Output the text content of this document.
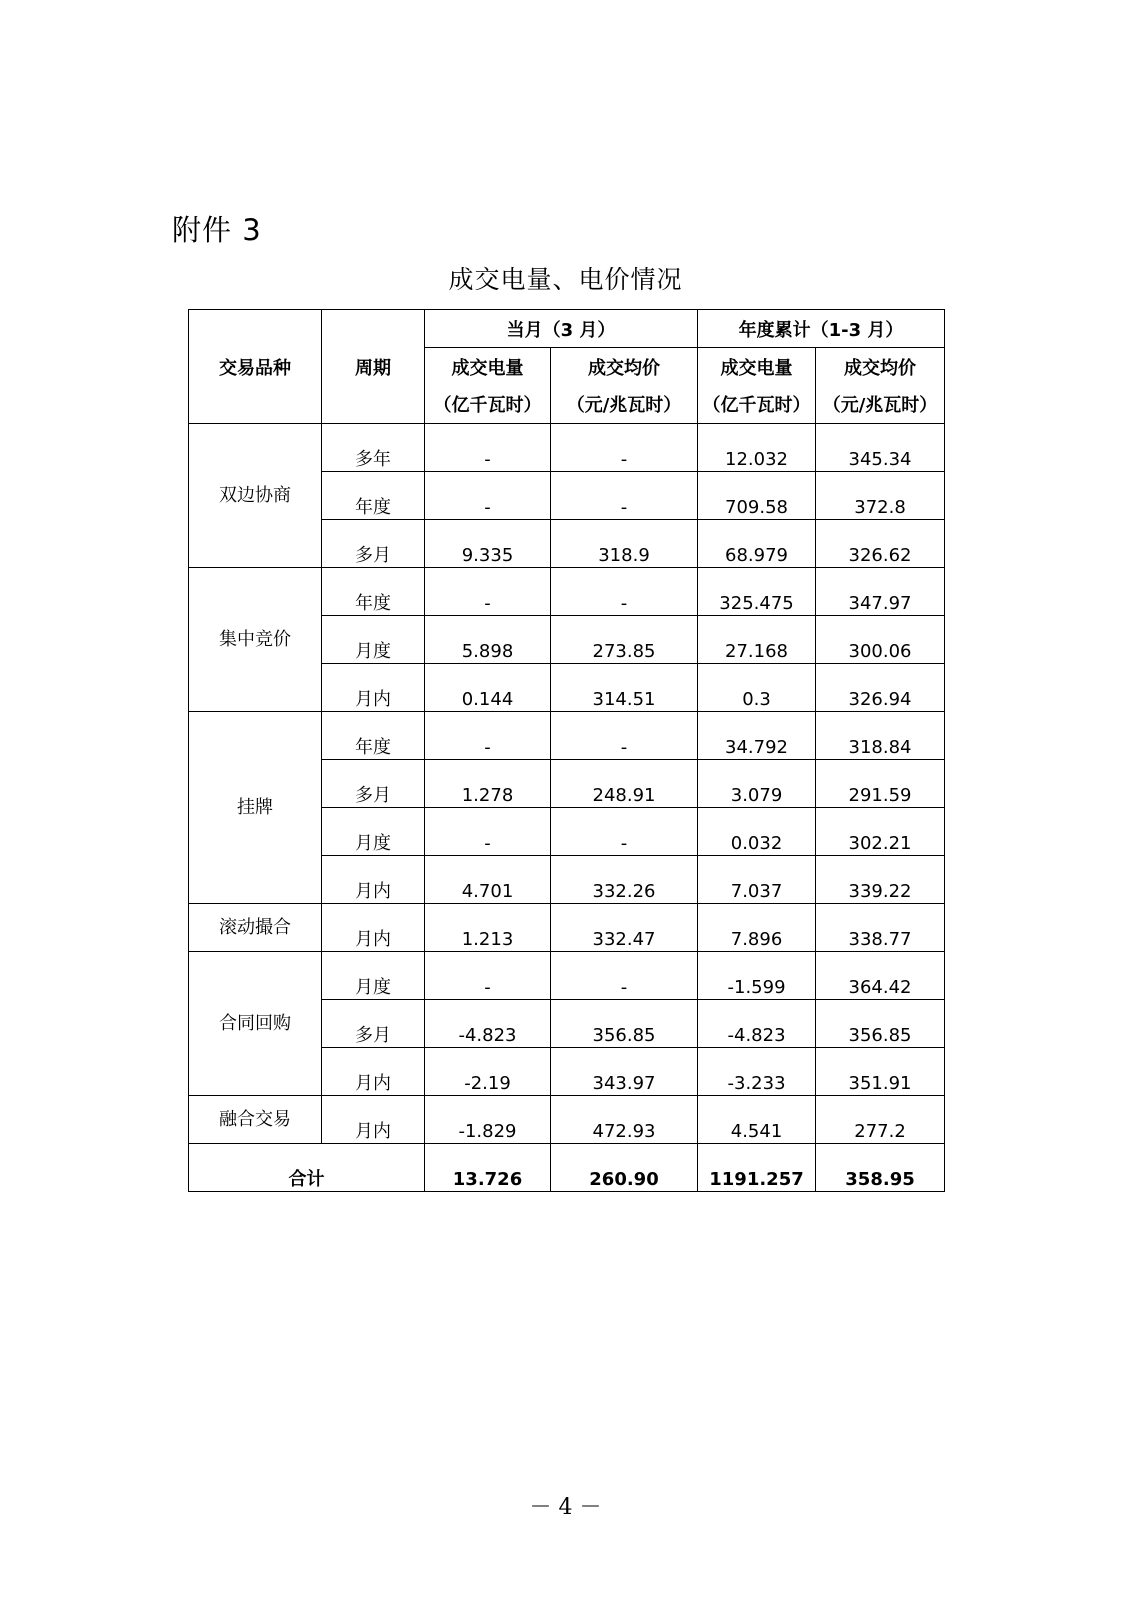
附件 3
成交电量、电价情况
交易品种	周期	当月（3 月）		年度累计（1-3 月）	
		成交电量	成交均价	成交电量	成交均价
		（亿千瓦时）	（元/兆瓦时）	（亿千瓦时）	（元/兆瓦时）
双边协商	多年	-	-	12.032	345.34
	年度	-	-	709.58	372.8
	多月	9.335	318.9	68.979	326.62
集中竞价	年度	-	-	325.475	347.97
	月度	5.898	273.85	27.168	300.06
	月内	0.144	314.51	0.3	326.94
挂牌	年度	-	-	34.792	318.84
	多月	1.278	248.91	3.079	291.59
	月度	-	-	0.032	302.21
	月内	4.701	332.26	7.037	339.22
滚动撮合	月内	1.213	332.47	7.896	338.77
合同回购	月度	-	-	-1.599	364.42
	多月	-4.823	356.85	-4.823	356.85
	月内	-2.19	343.97	-3.233	351.91
融合交易	月内	-1.829	472.93	4.541	277.2
合计		13.726	260.90	1191.257	358.95
－ 4 －
